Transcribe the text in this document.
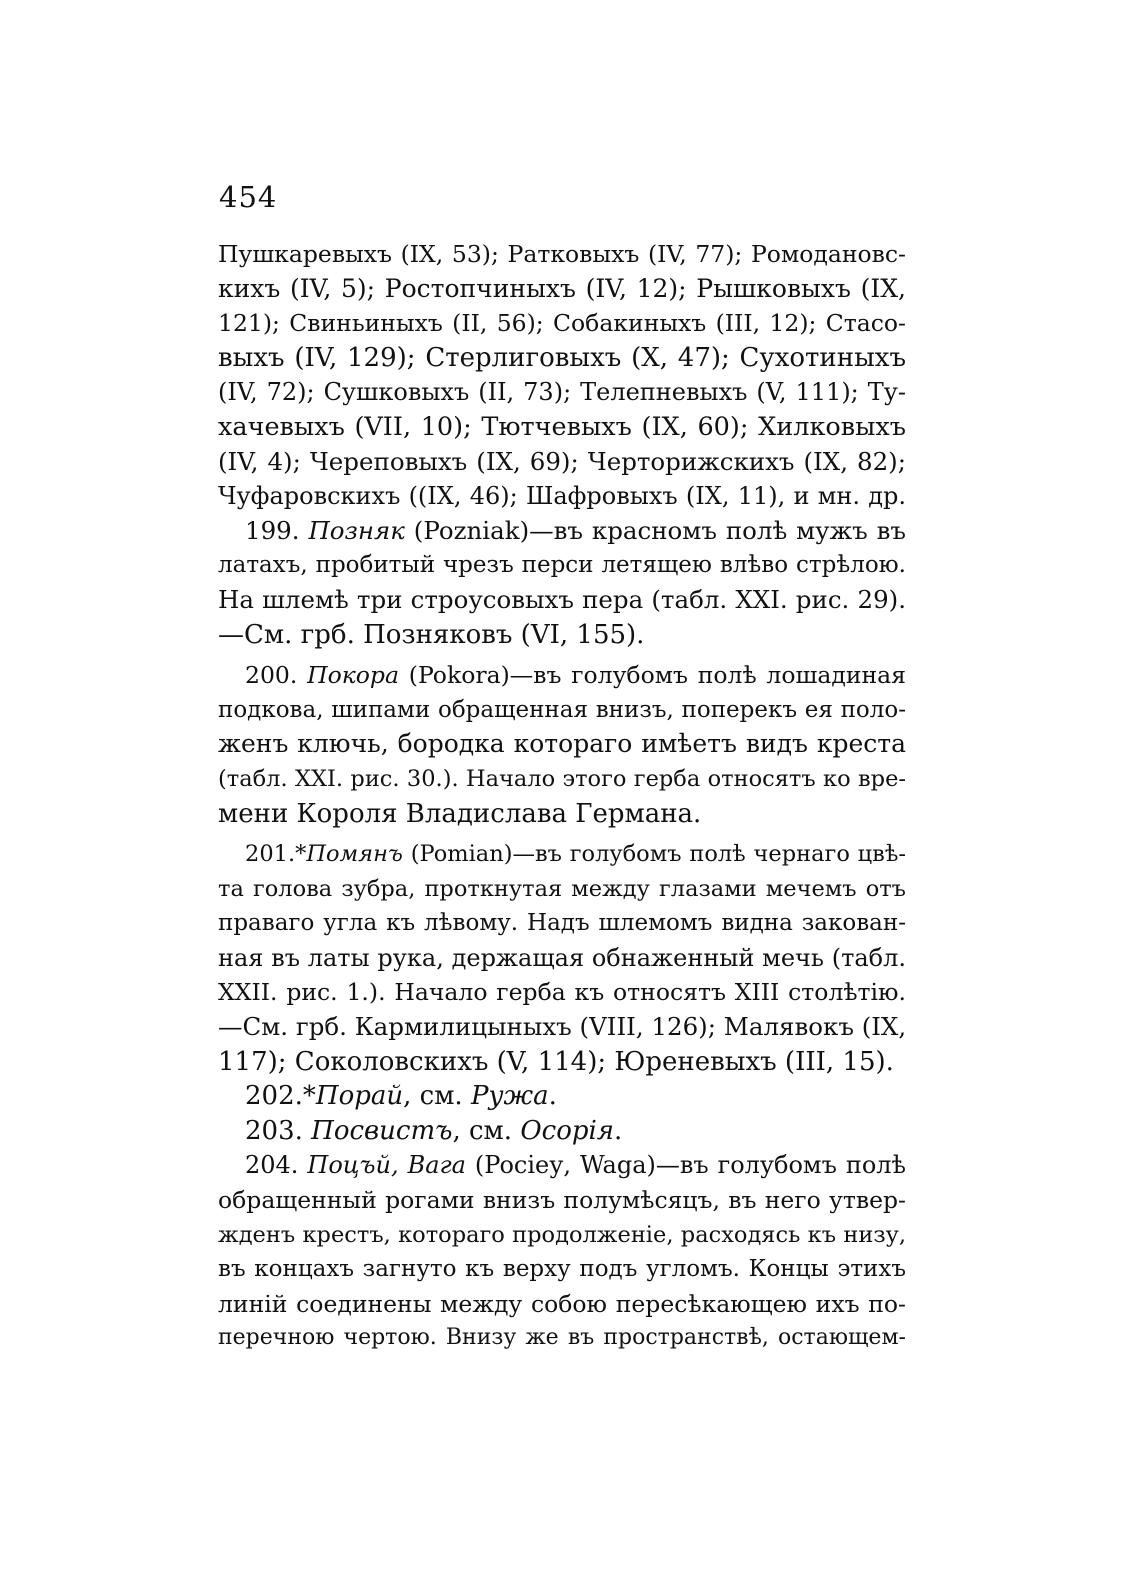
454
Пушкаревыхъ (IX, 53); Ратковыхъ (IV, 77); Ромодановс-
кихъ (IV, 5); Ростопчиныхъ (IV, 12); Рышковыхъ (IX,
121); Свиньиныхъ (II, 56); Собакиныхъ (III, 12); Стасо-
выхъ (IV, 129); Стерлиговыхъ (X, 47); Сухотиныхъ
(IV, 72); Сушковыхъ (II, 73); Телепневыхъ (V, 111); Ту-
хачевыхъ (VII, 10); Тютчевыхъ (IX, 60); Хилковыхъ
(IV, 4); Череповыхъ (IX, 69); Черторижскихъ (IX, 82);
Чуфаровскихъ ((IX, 46); Шафровыхъ (IX, 11), и мн. др.
199. Позняк (Pozniak)—въ красномъ полѣ мужъ въ
латахъ, пробитый чрезъ перси летящею влѣво стрѣлою.
На шлемѣ три строусовыхъ пера (табл. XXI. рис. 29).
—См. грб. Позняковъ (VI, 155).
200. Покора (Pokora)—въ голубомъ полѣ лошадиная
подкова, шипами обращенная внизъ, поперекъ ея поло-
женъ ключь, бородка котораго имѣетъ видъ креста
(табл. XXI. рис. 30.). Начало этого герба относятъ ко вре-
мени Короля Владислава Германа.
201.*Помянъ (Pomian)—въ голубомъ полѣ чернаго цвѣ-
та голова зубра, проткнутая между глазами мечемъ отъ
праваго угла къ лѣвому. Надъ шлемомъ видна закован-
ная въ латы рука, держащая обнаженный мечь (табл.
XXII. рис. 1.). Начало герба къ относятъ XIII столѣтію.
—См. грб. Кармилицыныхъ (VIII, 126); Малявокъ (IX,
117); Соколовскихъ (V, 114); Юреневыхъ (III, 15).
202.*Порай, см. Ружа.
203. Посвистъ, см. Осорія.
204. Поцъй, Вага (Pocieу, Waga)—въ голубомъ полѣ
обращенный рогами внизъ полумѣсяцъ, въ него утвер-
жденъ крестъ, котораго продолженіе, расходясь къ низу,
въ концахъ загнуто къ верху подъ угломъ. Концы этихъ
линій соединены между собою пересѣкающею ихъ по-
перечною чертою. Внизу же въ пространствѣ, остающем-
